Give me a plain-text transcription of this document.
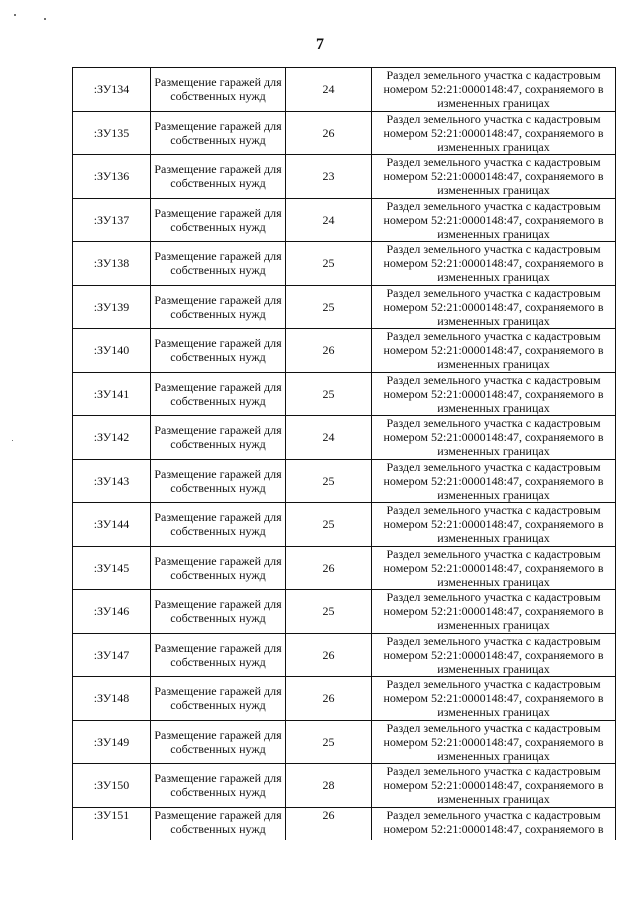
7
:ЗУ134	Размещение гаражей для собственных нужд	24	Раздел земельного участка с кадастровым номером 52:21:0000148:47, сохраняемого в измененных границах
:ЗУ135	Размещение гаражей для собственных нужд	26	Раздел земельного участка с кадастровым номером 52:21:0000148:47, сохраняемого в измененных границах
:ЗУ136	Размещение гаражей для собственных нужд	23	Раздел земельного участка с кадастровым номером 52:21:0000148:47, сохраняемого в измененных границах
:ЗУ137	Размещение гаражей для собственных нужд	24	Раздел земельного участка с кадастровым номером 52:21:0000148:47, сохраняемого в измененных границах
:ЗУ138	Размещение гаражей для собственных нужд	25	Раздел земельного участка с кадастровым номером 52:21:0000148:47, сохраняемого в измененных границах
:ЗУ139	Размещение гаражей для собственных нужд	25	Раздел земельного участка с кадастровым номером 52:21:0000148:47, сохраняемого в измененных границах
:ЗУ140	Размещение гаражей для собственных нужд	26	Раздел земельного участка с кадастровым номером 52:21:0000148:47, сохраняемого в измененных границах
:ЗУ141	Размещение гаражей для собственных нужд	25	Раздел земельного участка с кадастровым номером 52:21:0000148:47, сохраняемого в измененных границах
:ЗУ142	Размещение гаражей для собственных нужд	24	Раздел земельного участка с кадастровым номером 52:21:0000148:47, сохраняемого в измененных границах
:ЗУ143	Размещение гаражей для собственных нужд	25	Раздел земельного участка с кадастровым номером 52:21:0000148:47, сохраняемого в измененных границах
:ЗУ144	Размещение гаражей для собственных нужд	25	Раздел земельного участка с кадастровым номером 52:21:0000148:47, сохраняемого в измененных границах
:ЗУ145	Размещение гаражей для собственных нужд	26	Раздел земельного участка с кадастровым номером 52:21:0000148:47, сохраняемого в измененных границах
:ЗУ146	Размещение гаражей для собственных нужд	25	Раздел земельного участка с кадастровым номером 52:21:0000148:47, сохраняемого в измененных границах
:ЗУ147	Размещение гаражей для собственных нужд	26	Раздел земельного участка с кадастровым номером 52:21:0000148:47, сохраняемого в измененных границах
:ЗУ148	Размещение гаражей для собственных нужд	26	Раздел земельного участка с кадастровым номером 52:21:0000148:47, сохраняемого в измененных границах
:ЗУ149	Размещение гаражей для собственных нужд	25	Раздел земельного участка с кадастровым номером 52:21:0000148:47, сохраняемого в измененных границах
:ЗУ150	Размещение гаражей для собственных нужд	28	Раздел земельного участка с кадастровым номером 52:21:0000148:47, сохраняемого в измененных границах
:ЗУ151	Размещение гаражей для собственных нужд	26	Раздел земельного участка с кадастровым номером 52:21:0000148:47, сохраняемого в
